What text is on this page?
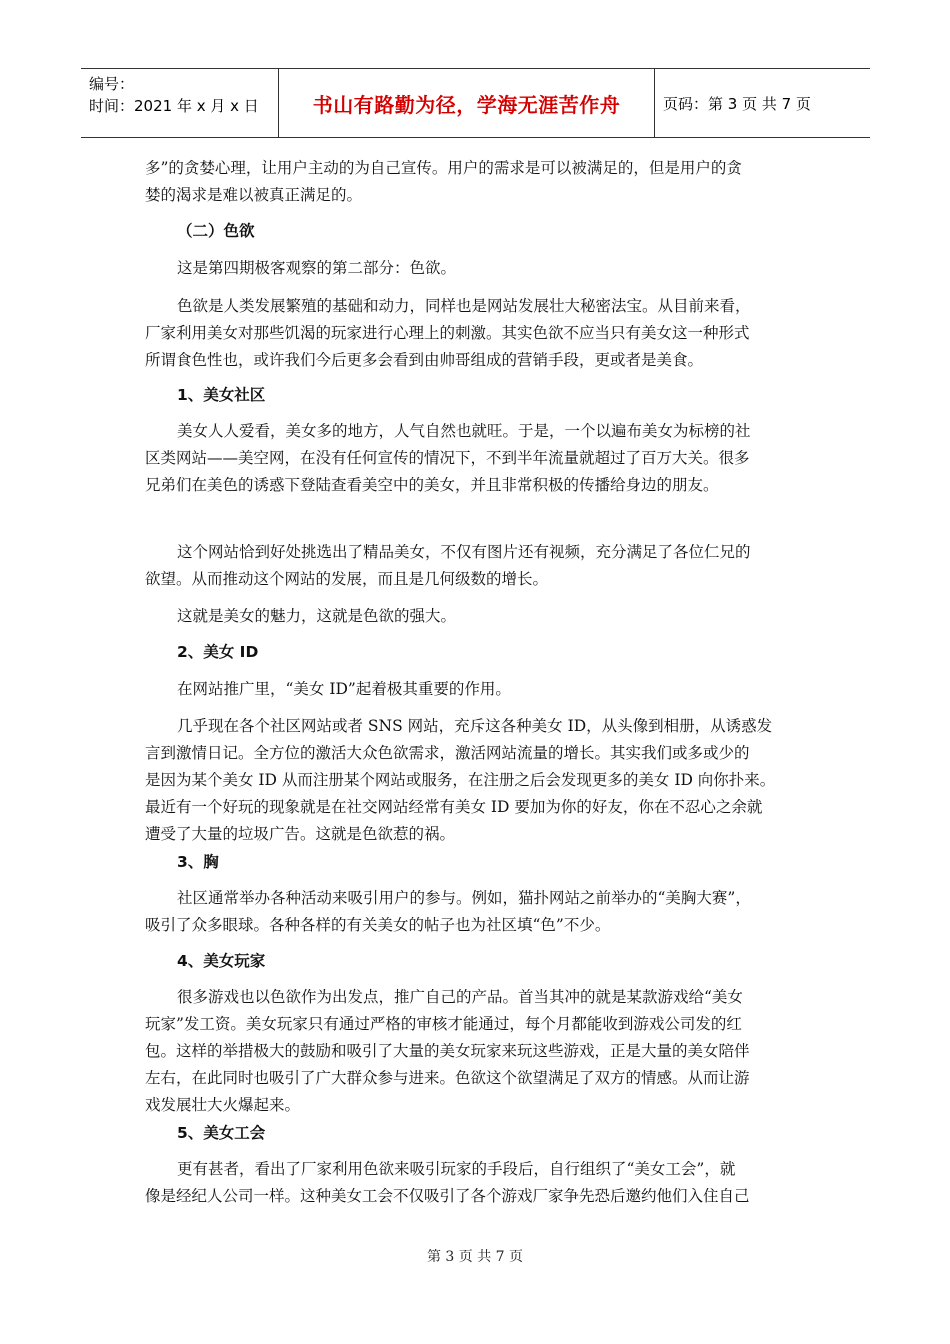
编号：
时间：2021 年 x 月 x 日	书山有路勤为径，学海无涯苦作舟	页码：第 3 页 共 7 页
多”的贪婪心理，让用户主动的为自己宣传。用户的需求是可以被满足的，但是用户的贪
婪的渴求是难以被真正满足的。
（二）色欲
这是第四期极客观察的第二部分：色欲。
色欲是人类发展繁殖的基础和动力，同样也是网站发展壮大秘密法宝。从目前来看，
厂家利用美女对那些饥渴的玩家进行心理上的刺激。其实色欲不应当只有美女这一种形式
所谓食色性也，或许我们今后更多会看到由帅哥组成的营销手段，更或者是美食。
1、美女社区
美女人人爱看，美女多的地方，人气自然也就旺。于是，一个以遍布美女为标榜的社
区类网站——美空网，在没有任何宣传的情况下，不到半年流量就超过了百万大关。很多
兄弟们在美色的诱惑下登陆查看美空中的美女，并且非常积极的传播给身边的朋友。
这个网站恰到好处挑选出了精品美女，不仅有图片还有视频，充分满足了各位仁兄的
欲望。从而推动这个网站的发展，而且是几何级数的增长。
这就是美女的魅力，这就是色欲的强大。
2、美女 ID
在网站推广里，“美女 ID”起着极其重要的作用。
几乎现在各个社区网站或者 SNS 网站，充斥这各种美女 ID，从头像到相册，从诱惑发
言到激情日记。全方位的激活大众色欲需求，激活网站流量的增长。其实我们或多或少的
是因为某个美女 ID 从而注册某个网站或服务，在注册之后会发现更多的美女 ID 向你扑来。
最近有一个好玩的现象就是在社交网站经常有美女 ID 要加为你的好友，你在不忍心之余就
遭受了大量的垃圾广告。这就是色欲惹的祸。
3、胸
社区通常举办各种活动来吸引用户的参与。例如，猫扑网站之前举办的“美胸大赛”，
吸引了众多眼球。各种各样的有关美女的帖子也为社区填“色”不少。
4、美女玩家
很多游戏也以色欲作为出发点，推广自己的产品。首当其冲的就是某款游戏给“美女
玩家”发工资。美女玩家只有通过严格的审核才能通过，每个月都能收到游戏公司发的红
包。这样的举措极大的鼓励和吸引了大量的美女玩家来玩这些游戏，正是大量的美女陪伴
左右，在此同时也吸引了广大群众参与进来。色欲这个欲望满足了双方的情感。从而让游
戏发展壮大火爆起来。
5、美女工会
更有甚者，看出了厂家利用色欲来吸引玩家的手段后，自行组织了“美女工会”，就
像是经纪人公司一样。这种美女工会不仅吸引了各个游戏厂家争先恐后邀约他们入住自己
第 3 页 共 7 页
